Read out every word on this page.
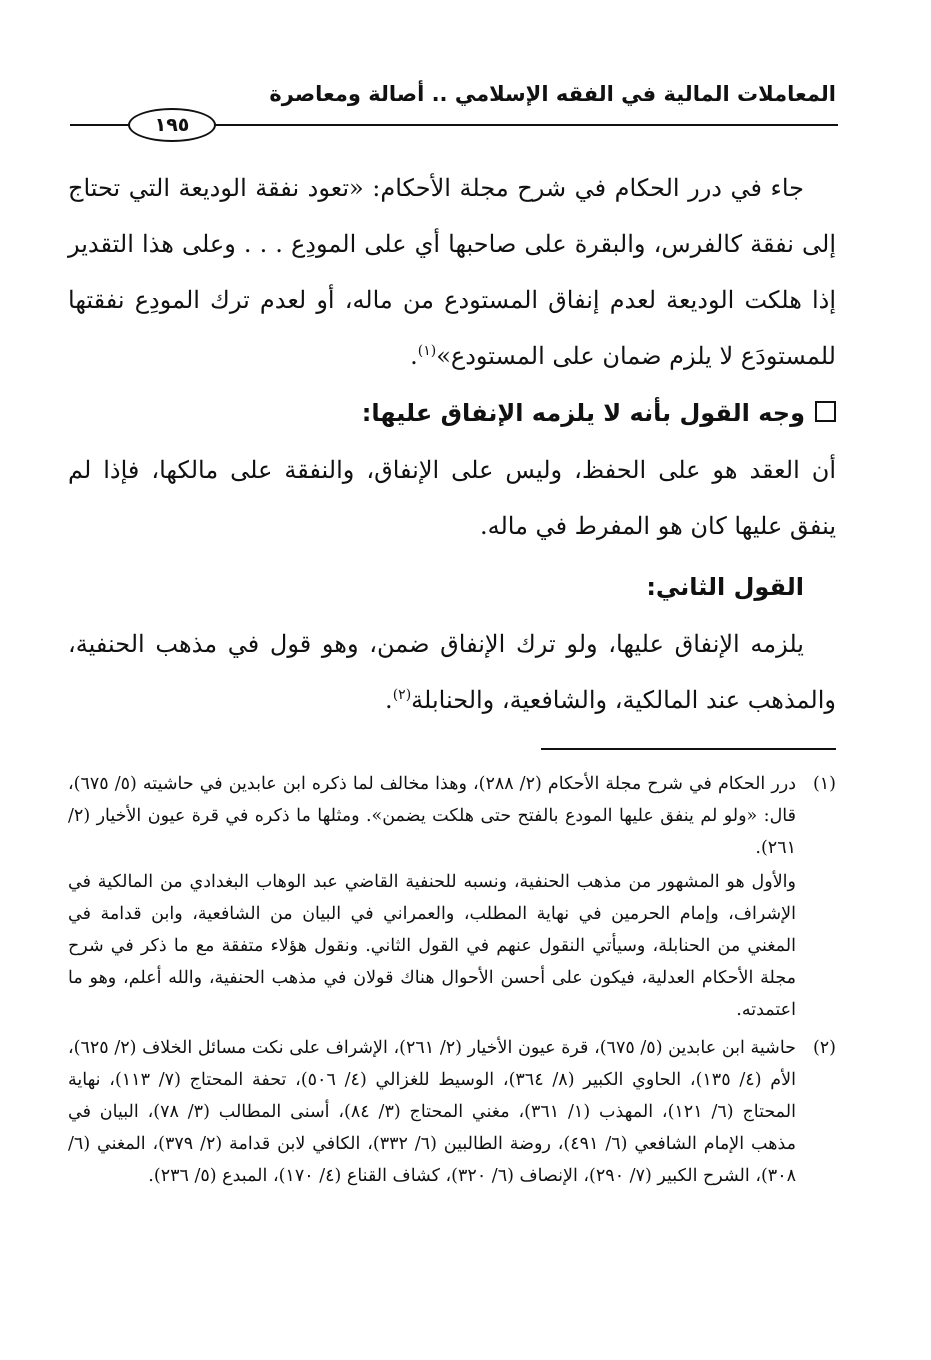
المعاملات المالية في الفقه الإسلامي .. أصالة ومعاصرة
١٩٥

جاء في درر الحكام في شرح مجلة الأحكام: «تعود نفقة الوديعة التي تحتاج إلى نفقة كالفرس، والبقرة على صاحبها أي على المودِع . . . وعلى هذا التقدير إذا هلكت الوديعة لعدم إنفاق المستودع من ماله، أو لعدم ترك المودِع نفقتها للمستودَع لا يلزم ضمان على المستودع»$^{(١)}$.

وجه القول بأنه لا يلزمه الإنفاق عليها:

أن العقد هو على الحفظ، وليس على الإنفاق، والنفقة على مالكها، فإذا لم ينفق عليها كان هو المفرط في ماله.

القول الثاني:

يلزمه الإنفاق عليها، ولو ترك الإنفاق ضمن، وهو قول في مذهب الحنفية، والمذهب عند المالكية، والشافعية، والحنابلة$^{(٢)}$.

(١)
درر الحكام في شرح مجلة الأحكام (٢/ ٢٨٨)، وهذا مخالف لما ذكره ابن عابدين في حاشيته (٥/ ٦٧٥)، قال: «ولو لم ينفق عليها المودع بالفتح حتى هلكت يضمن». ومثلها ما ذكره في قرة عيون الأخيار (٢/ ٢٦١).

والأول هو المشهور من مذهب الحنفية، ونسبه للحنفية القاضي عبد الوهاب البغدادي من المالكية في الإشراف، وإمام الحرمين في نهاية المطلب، والعمراني في البيان من الشافعية، وابن قدامة في المغني من الحنابلة، وسيأتي النقول عنهم في القول الثاني. ونقول هؤلاء متفقة مع ما ذكر في شرح مجلة الأحكام العدلية، فيكون على أحسن الأحوال هناك قولان في مذهب الحنفية، والله أعلم، وهو ما اعتمدته.

(٢)
حاشية ابن عابدين (٥/ ٦٧٥)، قرة عيون الأخيار (٢/ ٢٦١)، الإشراف على نكت مسائل الخلاف (٢/ ٦٢٥)، الأم (٤/ ١٣٥)، الحاوي الكبير (٨/ ٣٦٤)، الوسيط للغزالي (٤/ ٥٠٦)، تحفة المحتاج (٧/ ١١٣)، نهاية المحتاج (٦/ ١٢١)، المهذب (١/ ٣٦١)، مغني المحتاج (٣/ ٨٤)، أسنى المطالب (٣/ ٧٨)، البيان في مذهب الإمام الشافعي (٦/ ٤٩١)، روضة الطالبين (٦/ ٣٣٢)، الكافي لابن قدامة (٢/ ٣٧٩)، المغني (٦/ ٣٠٨)، الشرح الكبير (٧/ ٢٩٠)، الإنصاف (٦/ ٣٢٠)، كشاف القناع (٤/ ١٧٠)، المبدع (٥/ ٢٣٦).
